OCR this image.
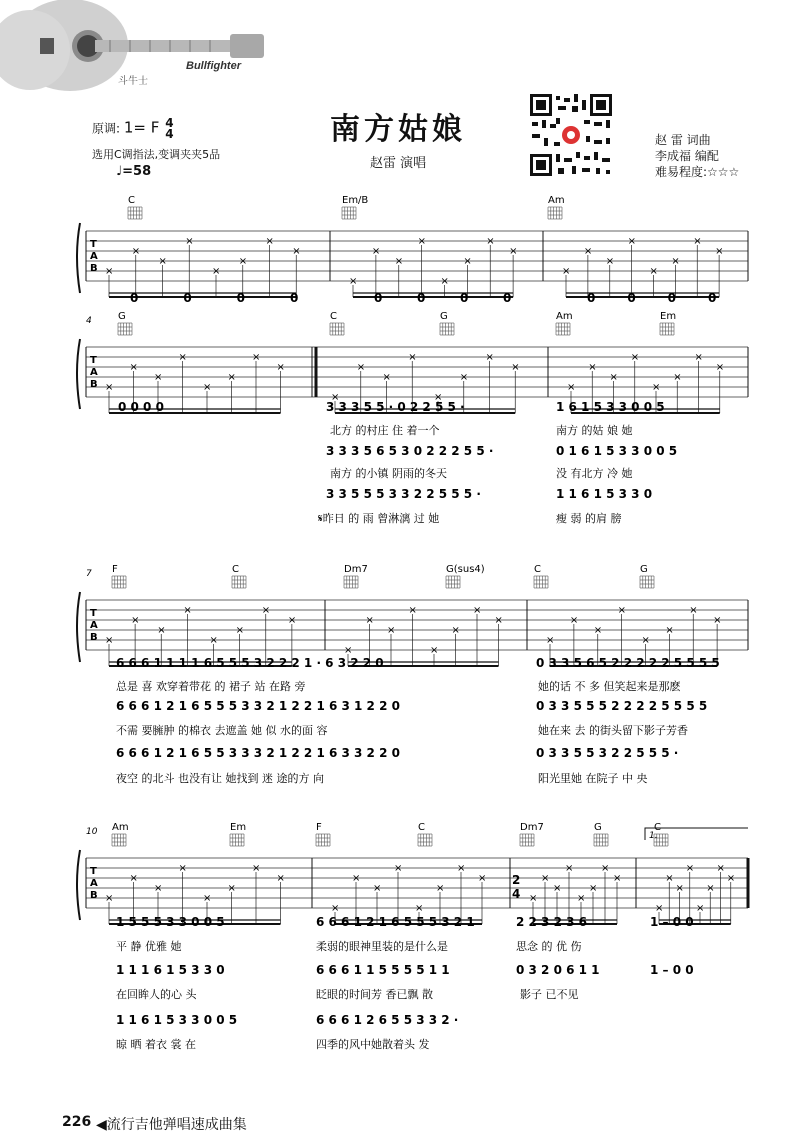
Bullfighter
斗牛士
南方姑娘
赵雷 演唱
赵 雷 词曲
李成福 编配
难易程度:☆☆☆
原调: 1= F 4
4
选用C调指法,变调夹夹5品
♩=58
T
A
B
C	Em/B	Am
×
×
×
×
×
×
×
×
×
×
×
×
×
×
×
×
×
×
×
×
×
×
×
×
0	0	0	0	0	0	0	0	0	0	0	0
T
A
B
4	G	C	G	Am	Em
×
×
×
×
×
×
×
×
×
×
×
×
×
×
×
×
×
×
×
×
×
×
×
×
0 0 0 0	3 3 3 5 5 · 0 2 2 5 5 ·	1 6 1 5 3 3 0 0 5
3 3 3 5 6 5 3 0 2 2 2 5 5 ·	0 1 6 1 5 3 3 0 0 5
3 3 5 5 5 3 3 2 2 5 5 5 ·	1 1 6 1 5 3 3 0
北方 的村庄 住 着一个	南方 的姑 娘 她
南方 的小镇 阴雨的冬天	没 有北方 冷 她
𝄋昨日 的 雨 曾淋漓 过 她	瘦 弱 的肩 膀
T
A
B
7 F	C	Dm7	G(sus4)	C	G
×
×
×
×
×
×
×
×
×
×
×
×
×
×
×
×
×
×
×
×
×
×
×
×
6 6 6 1 1 1 1 6 5 5 5 3 2 2 2 1 · 6 3 2 2 0	0 3 3 5 6 5 2 2 2 2 2 5 5 5 5
6 6 6 1 2 1 6 5 5 5 3 3 2 1 2 2 1 6 3 1 2 2 0	0 3 3 5 5 5 2 2 2 2 5 5 5 5
6 6 6 1 2 1 6 5 5 3 3 3 2 1 2 2 1 6 3 3 2 2 0	0 3 3 5 5 3 2 2 5 5 5 ·
总是 喜 欢穿着带花 的 裙子 站 在路 旁	她的话 不 多 但笑起来是那麽
不需 要臃肿 的棉衣 去遮盖 她 似 水的面 容	她在来 去 的街头留下影子芳香
夜空 的北斗 也没有让 她找到 迷 途的方 向	阳光里她 在院子 中 央
T
A
B
10 Am	Em	F	C	Dm7	G	C
×
×
×
×
×
×
×
×
×
×
×
×
×
×
×
×
×
×
×
×
×
×
×
×
×
×
×
×
×
×
×
×
1 5 5 5 3 3 0 0 5	6 6 6 1 2 1 6 5 5 5 3 2 1	2 2 3 2 3 6	1 – 0 0
1 1 1 6 1 5 3 3 0	6 6 6 1 1 5 5 5 5 1 1	0 3 2 0 6 1 1	1 – 0 0
1 1 6 1 5 3 3 0 0 5	6 6 6 1 2 6 5 5 3 3 2 ·
平 静 优雅 她	柔弱的眼神里装的是什么是	思念 的 优 伤
在回眸人的心 头	眨眼的时间芳 香已飘 散	影子 已不见
晾 晒 着衣 裳 在	四季的风中她散着头 发
1.
2
4
226 ◀流行吉他弹唱速成曲集
